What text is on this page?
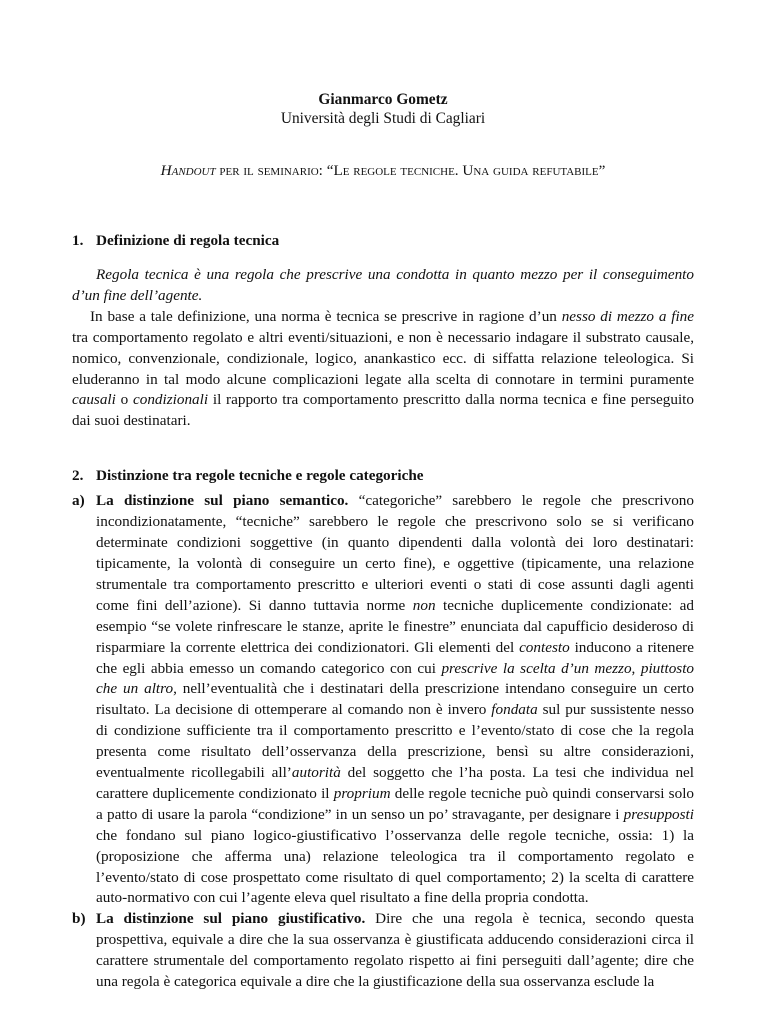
Gianmarco Gometz
Università degli Studi di Cagliari
Handout per il seminario: “Le regole tecniche. Una guida refutabile”
1. Definizione di regola tecnica

Regola tecnica è una regola che prescrive una condotta in quanto mezzo per il conseguimento d’un fine dell’agente.

In base a tale definizione, una norma è tecnica se prescrive in ragione d’un nesso di mezzo a fine tra comportamento regolato e altri eventi/situazioni, e non è necessario indagare il substrato causale, nomico, convenzionale, condizionale, logico, anankastico ecc. di siffatta relazione teleologica. Si eluderanno in tal modo alcune complicazioni legate alla scelta di connotare in termini puramente causali o condizionali il rapporto tra comportamento prescritto dalla norma tecnica e fine perseguito dai suoi destinatari.

2. Distinzione tra regole tecniche e regole categoriche
a) La distinzione sul piano semantico. “categoriche” sarebbero le regole che prescrivono incondizionatamente, “tecniche” sarebbero le regole che prescrivono solo se si verificano determinate condizioni soggettive (in quanto dipendenti dalla volontà dei loro destinatari: tipicamente, la volontà di conseguire un certo fine), e oggettive (tipicamente, una relazione strumentale tra comportamento prescritto e ulteriori eventi o stati di cose assunti dagli agenti come fini dell’azione). Si danno tuttavia norme non tecniche duplicemente condizionate: ad esempio “se volete rinfrescare le stanze, aprite le finestre” enunciata dal capufficio desideroso di risparmiare la corrente elettrica dei condizionatori. Gli elementi del contesto inducono a ritenere che egli abbia emesso un comando categorico con cui prescrive la scelta d’un mezzo, piuttosto che un altro, nell’eventualità che i destinatari della prescrizione intendano conseguire un certo risultato. La decisione di ottemperare al comando non è invero fondata sul pur sussistente nesso di condizione sufficiente tra il comportamento prescritto e l’evento/stato di cose che la regola presenta come risultato dell’osservanza della prescrizione, bensì su altre considerazioni, eventualmente ricollegabili all’autorità del soggetto che l’ha posta. La tesi che individua nel carattere duplicemente condizionato il proprium delle regole tecniche può quindi conservarsi solo a patto di usare la parola “condizione” in un senso un po’ stravagante, per designare i presupposti che fondano sul piano logico-giustificativo l’osservanza delle regole tecniche, ossia: 1) la (proposizione che afferma una) relazione teleologica tra il comportamento regolato e l’evento/stato di cose prospettato come risultato di quel comportamento; 2) la scelta di carattere auto-normativo con cui l’agente eleva quel risultato a fine della propria condotta.
b) La distinzione sul piano giustificativo. Dire che una regola è tecnica, secondo questa prospettiva, equivale a dire che la sua osservanza è giustificata adducendo considerazioni circa il carattere strumentale del comportamento regolato rispetto ai fini perseguiti dall’agente; dire che una regola è categorica equivale a dire che la giustificazione della sua osservanza esclude la
